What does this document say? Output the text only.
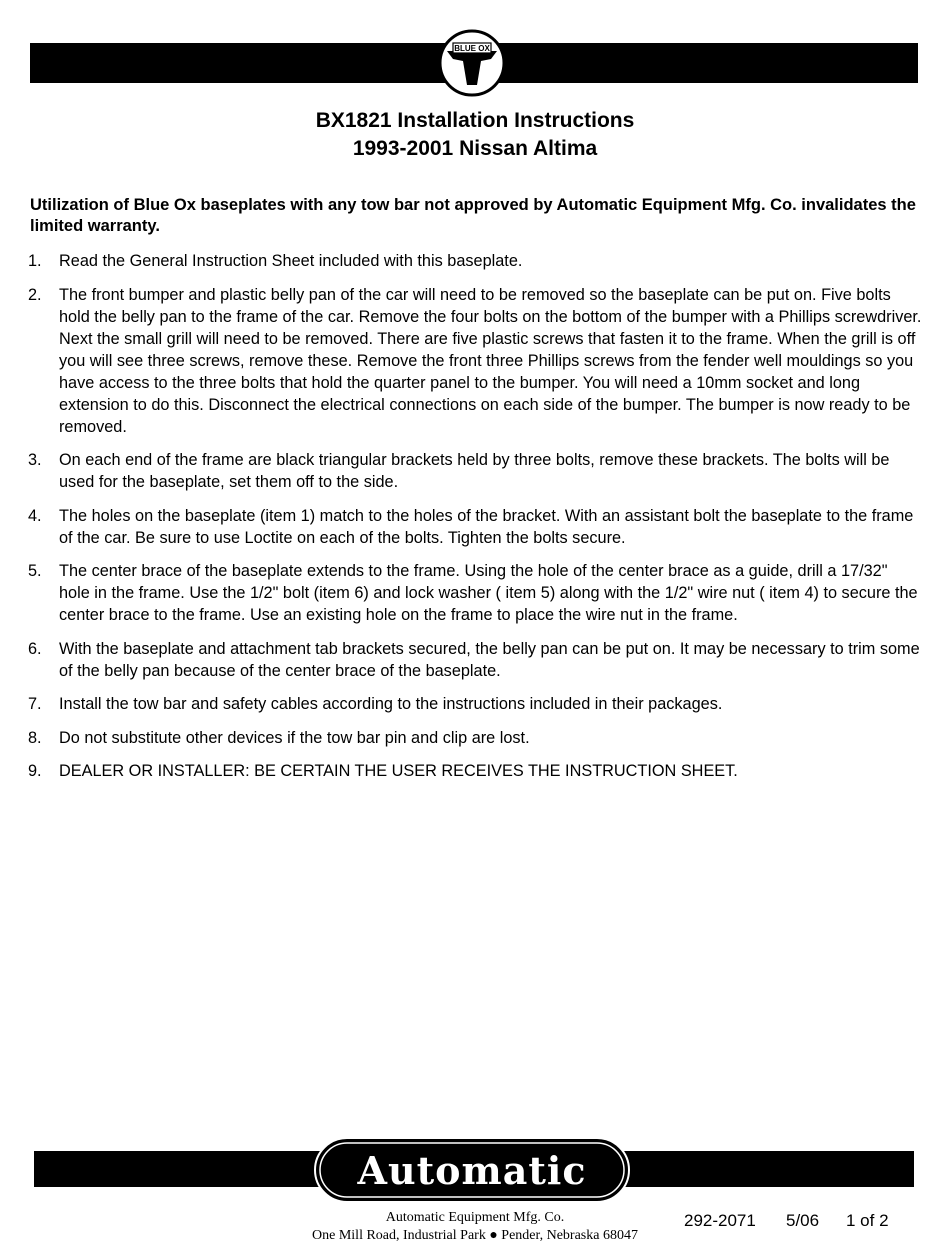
BLUE OX
BX1821 Installation Instructions
1993-2001 Nissan Altima
Utilization of Blue Ox baseplates with any tow bar not approved by Automatic Equipment Mfg. Co. invalidates the limited warranty.
1. Read the General Instruction Sheet included with this baseplate.
2. The front bumper and plastic belly pan of the car will need to be removed so the baseplate can be put on. Five bolts hold the belly pan to the frame of the car. Remove the four bolts on the bottom of the bumper with a Phillips screwdriver. Next the small grill will need to be removed. There are five plastic screws that fasten it to the frame. When the grill is off you will see three screws, remove these. Remove the front three Phillips screws from the fender well mouldings so you have access to the three bolts that hold the quarter panel to the bumper. You will need a 10mm socket and long extension to do this. Disconnect the electrical connections on each side of the bumper. The bumper is now ready to be removed.
3. On each end of the frame are black triangular brackets held by three bolts, remove these brackets. The bolts will be used for the baseplate, set them off to the side.
4. The holes on the baseplate (item 1) match to the holes of the bracket. With an assistant bolt the baseplate to the frame of the car. Be sure to use Loctite on each of the bolts. Tighten the bolts secure.
5. The center brace of the baseplate extends to the frame. Using the hole of the center brace as a guide, drill a 17/32" hole in the frame. Use the 1/2" bolt (item 6) and lock washer ( item 5) along with the 1/2" wire nut ( item 4) to secure the center brace to the frame. Use an existing hole on the frame to place the wire nut in the frame.
6. With the baseplate and attachment tab brackets secured, the belly pan can be put on. It may be necessary to trim some of the belly pan because of the center brace of the baseplate.
7. Install the tow bar and safety cables according to the instructions included in their packages.
8. Do not substitute other devices if the tow bar pin and clip are lost.
9. DEALER OR INSTALLER: BE CERTAIN THE USER RECEIVES THE INSTRUCTION SHEET.
Automatic
Automatic Equipment Mfg. Co.
One Mill Road, Industrial Park ● Pender, Nebraska 68047
292-2071 5/06 1 of 2
